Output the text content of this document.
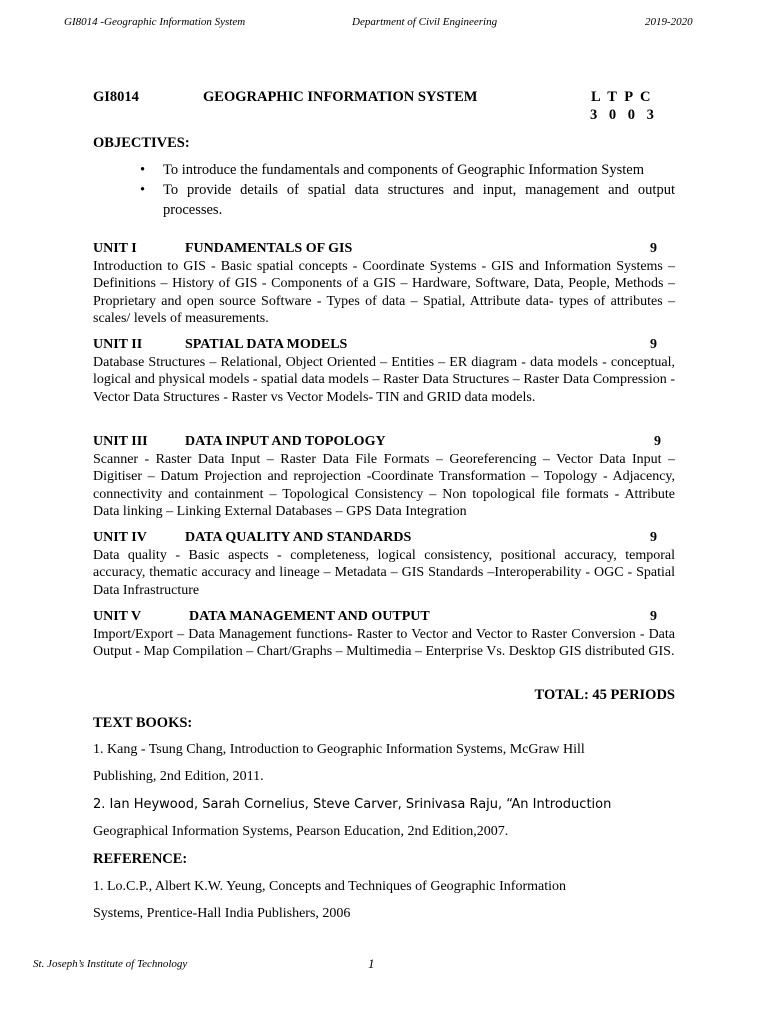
GI8014 -Geographic Information System	Department of Civil Engineering	2019-2020
GI8014	GEOGRAPHIC INFORMATION SYSTEM	L T P C
3 0 0 3
OBJECTIVES:
• To introduce the fundamentals and components of Geographic Information System
• To provide details of spatial data structures and input, management and output processes.
UNIT I	FUNDAMENTALS OF GIS	9
Introduction to GIS - Basic spatial concepts - Coordinate Systems - GIS and Information Systems – Definitions – History of GIS - Components of a GIS – Hardware, Software, Data, People, Methods – Proprietary and open source Software - Types of data – Spatial, Attribute data- types of attributes – scales/ levels of measurements.
UNIT II	SPATIAL DATA MODELS	9
Database Structures – Relational, Object Oriented – Entities – ER diagram - data models - conceptual, logical and physical models - spatial data models – Raster Data Structures – Raster Data Compression - Vector Data Structures - Raster vs Vector Models- TIN and GRID data models.
UNIT III	DATA INPUT AND TOPOLOGY	9
Scanner - Raster Data Input – Raster Data File Formats – Georeferencing – Vector Data Input – Digitiser – Datum Projection and reprojection -Coordinate Transformation – Topology - Adjacency, connectivity and containment – Topological Consistency – Non topological file formats - Attribute Data linking – Linking External Databases – GPS Data Integration
UNIT IV	DATA QUALITY AND STANDARDS	9
Data quality - Basic aspects - completeness, logical consistency, positional accuracy, temporal accuracy, thematic accuracy and lineage – Metadata – GIS Standards –Interoperability - OGC - Spatial Data Infrastructure
UNIT V	DATA MANAGEMENT AND OUTPUT	9
Import/Export – Data Management functions- Raster to Vector and Vector to Raster Conversion - Data Output - Map Compilation – Chart/Graphs – Multimedia – Enterprise Vs. Desktop GIS distributed GIS.
TOTAL: 45 PERIODS
TEXT BOOKS:
1. Kang - Tsung Chang, Introduction to Geographic Information Systems, McGraw Hill
Publishing, 2nd Edition, 2011.
2. Ian Heywood, Sarah Cornelius, Steve Carver, Srinivasa Raju, “An Introduction
Geographical Information Systems, Pearson Education, 2nd Edition,2007.
REFERENCE:
1. Lo.C.P., Albert K.W. Yeung, Concepts and Techniques of Geographic Information
Systems, Prentice-Hall India Publishers, 2006
St. Joseph’s Institute of Technology	1
